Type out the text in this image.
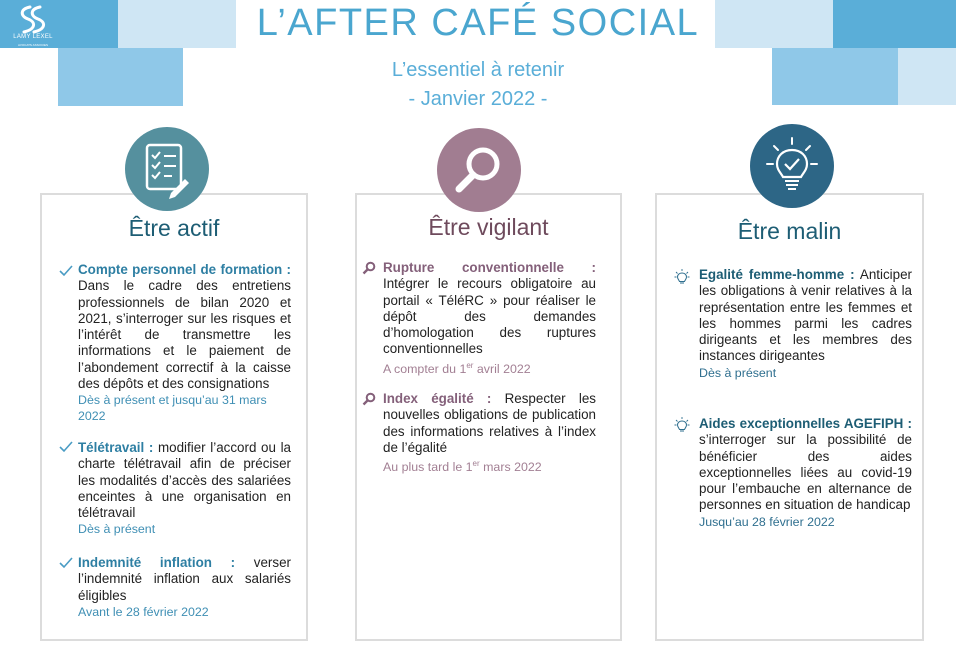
LAMY LEXEL
AVOCATS ASSOCIES
L’AFTER CAFÉ SOCIAL
L’essentiel à retenir
- Janvier 2022 -
Être actif	Être vigilant	Être malin
Compte personnel de formation : Dans le cadre des entretiens professionnels de bilan 2020 et 2021, s’interroger sur les risques et l’intérêt de transmettre les informations et le paiement de l’abondement correctif à la caisse des dépôts et des consignations
Dès à présent et jusqu’au 31 mars 2022
Télétravail : modifier l’accord ou la charte télétravail afin de préciser les modalités d’accès des salariées enceintes à une organisation en télétravail
Dès à présent
Indemnité inflation : verser l’indemnité inflation aux salariés éligibles
Avant le 28 février 2022
Rupture conventionnelle : Intégrer le recours obligatoire au portail « TéléRC » pour réaliser le dépôt des demandes d’homologation des ruptures conventionnelles
A compter du 1er avril 2022
Index égalité : Respecter les nouvelles obligations de publication des informations relatives à l’index de l’égalité
Au plus tard le 1er mars 2022
Egalité femme-homme : Anticiper les obligations à venir relatives à la représentation entre les femmes et les hommes parmi les cadres dirigeants et les membres des instances dirigeantes
Dès à présent
Aides exceptionnelles AGEFIPH : s’interroger sur la possibilité de bénéficier des aides exceptionnelles liées au covid-19 pour l’embauche en alternance de personnes en situation de handicap
Jusqu’au 28 février 2022
